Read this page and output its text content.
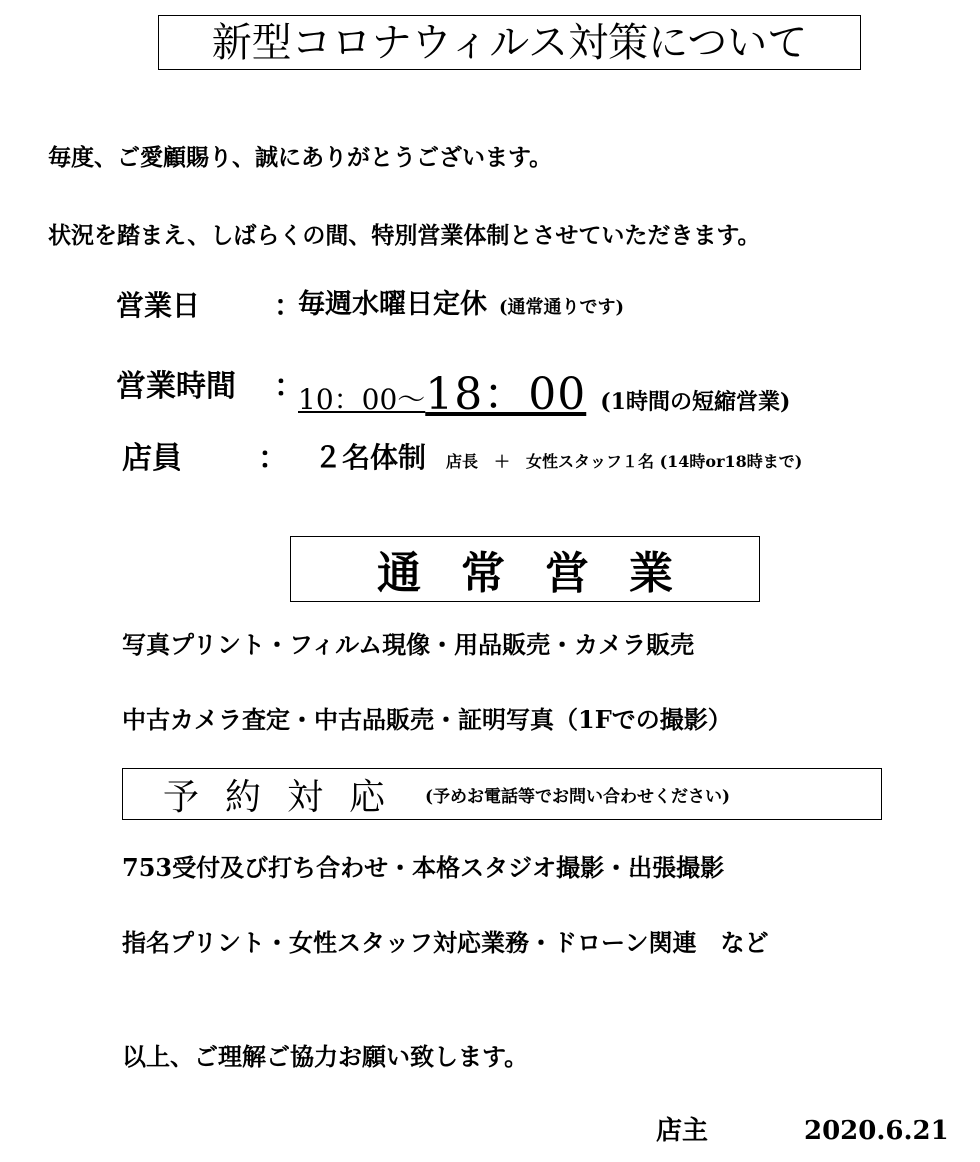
新型コロナウィルス対策について
毎度、ご愛顧賜り、誠にありがとうございます。
状況を踏まえ、しばらくの間、特別営業体制とさせていただきます。
営業日	：
毎週水曜日定休 (通常通りです)
営業時間 ：
10：00～ 18：00 (1時間の短縮営業)
店員	： ２名体制 店長　＋　女性スタッフ１名 (14時or18時まで)
通常営業
写真プリント・フィルム現像・用品販売・カメラ販売
中古カメラ査定・中古品販売・証明写真（1Fでの撮影）
予約対応 (予めお電話等でお問い合わせください)
753受付及び打ち合わせ・本格スタジオ撮影・出張撮影
指名プリント・女性スタッフ対応業務・ドローン関連　など
以上、ご理解ご協力お願い致します。
店主	2020.6.21
